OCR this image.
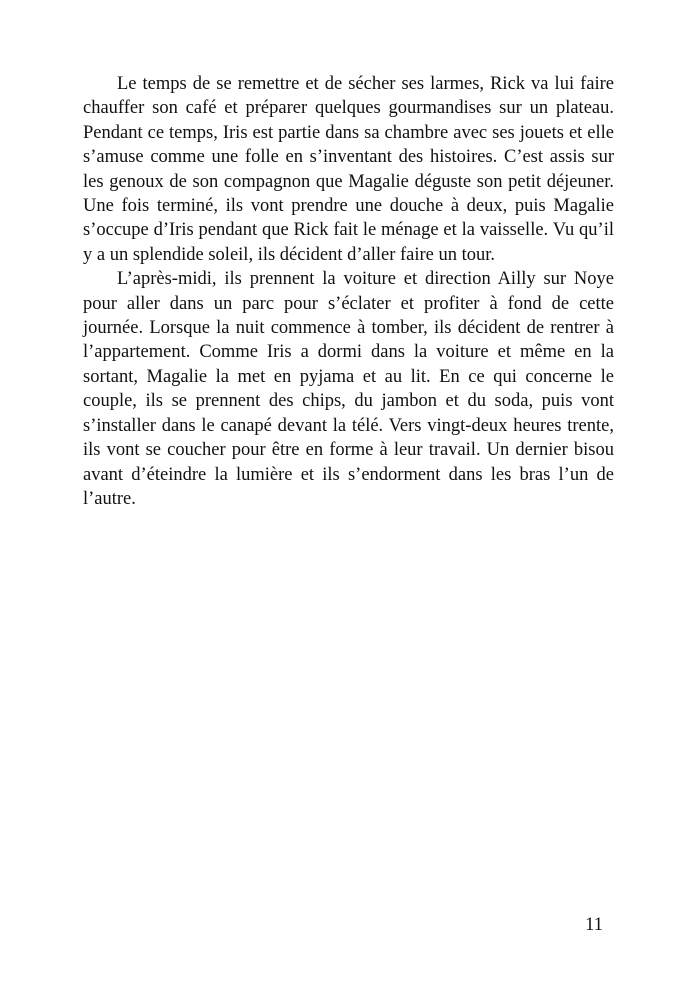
Le temps de se remettre et de sécher ses larmes, Rick va lui faire chauffer son café et préparer quelques gourmandises sur un plateau. Pendant ce temps, Iris est partie dans sa chambre avec ses jouets et elle s’amuse comme une folle en s’inventant des histoires. C’est assis sur les genoux de son compagnon que Magalie déguste son petit déjeuner. Une fois terminé, ils vont prendre une douche à deux, puis Magalie s’occupe d’Iris pendant que Rick fait le ménage et la vaisselle. Vu qu’il y a un splendide soleil, ils décident d’aller faire un tour.

L’après-midi, ils prennent la voiture et direction Ailly sur Noye pour aller dans un parc pour s’éclater et profiter à fond de cette journée. Lorsque la nuit commence à tomber, ils décident de rentrer à l’appartement. Comme Iris a dormi dans la voiture et même en la sortant, Magalie la met en pyjama et au lit. En ce qui concerne le couple, ils se prennent des chips, du jambon et du soda, puis vont s’installer dans le canapé devant la télé. Vers vingt-deux heures trente, ils vont se coucher pour être en forme à leur travail. Un dernier bisou avant d’éteindre la lumière et ils s’endorment dans les bras l’un de l’autre.

11
